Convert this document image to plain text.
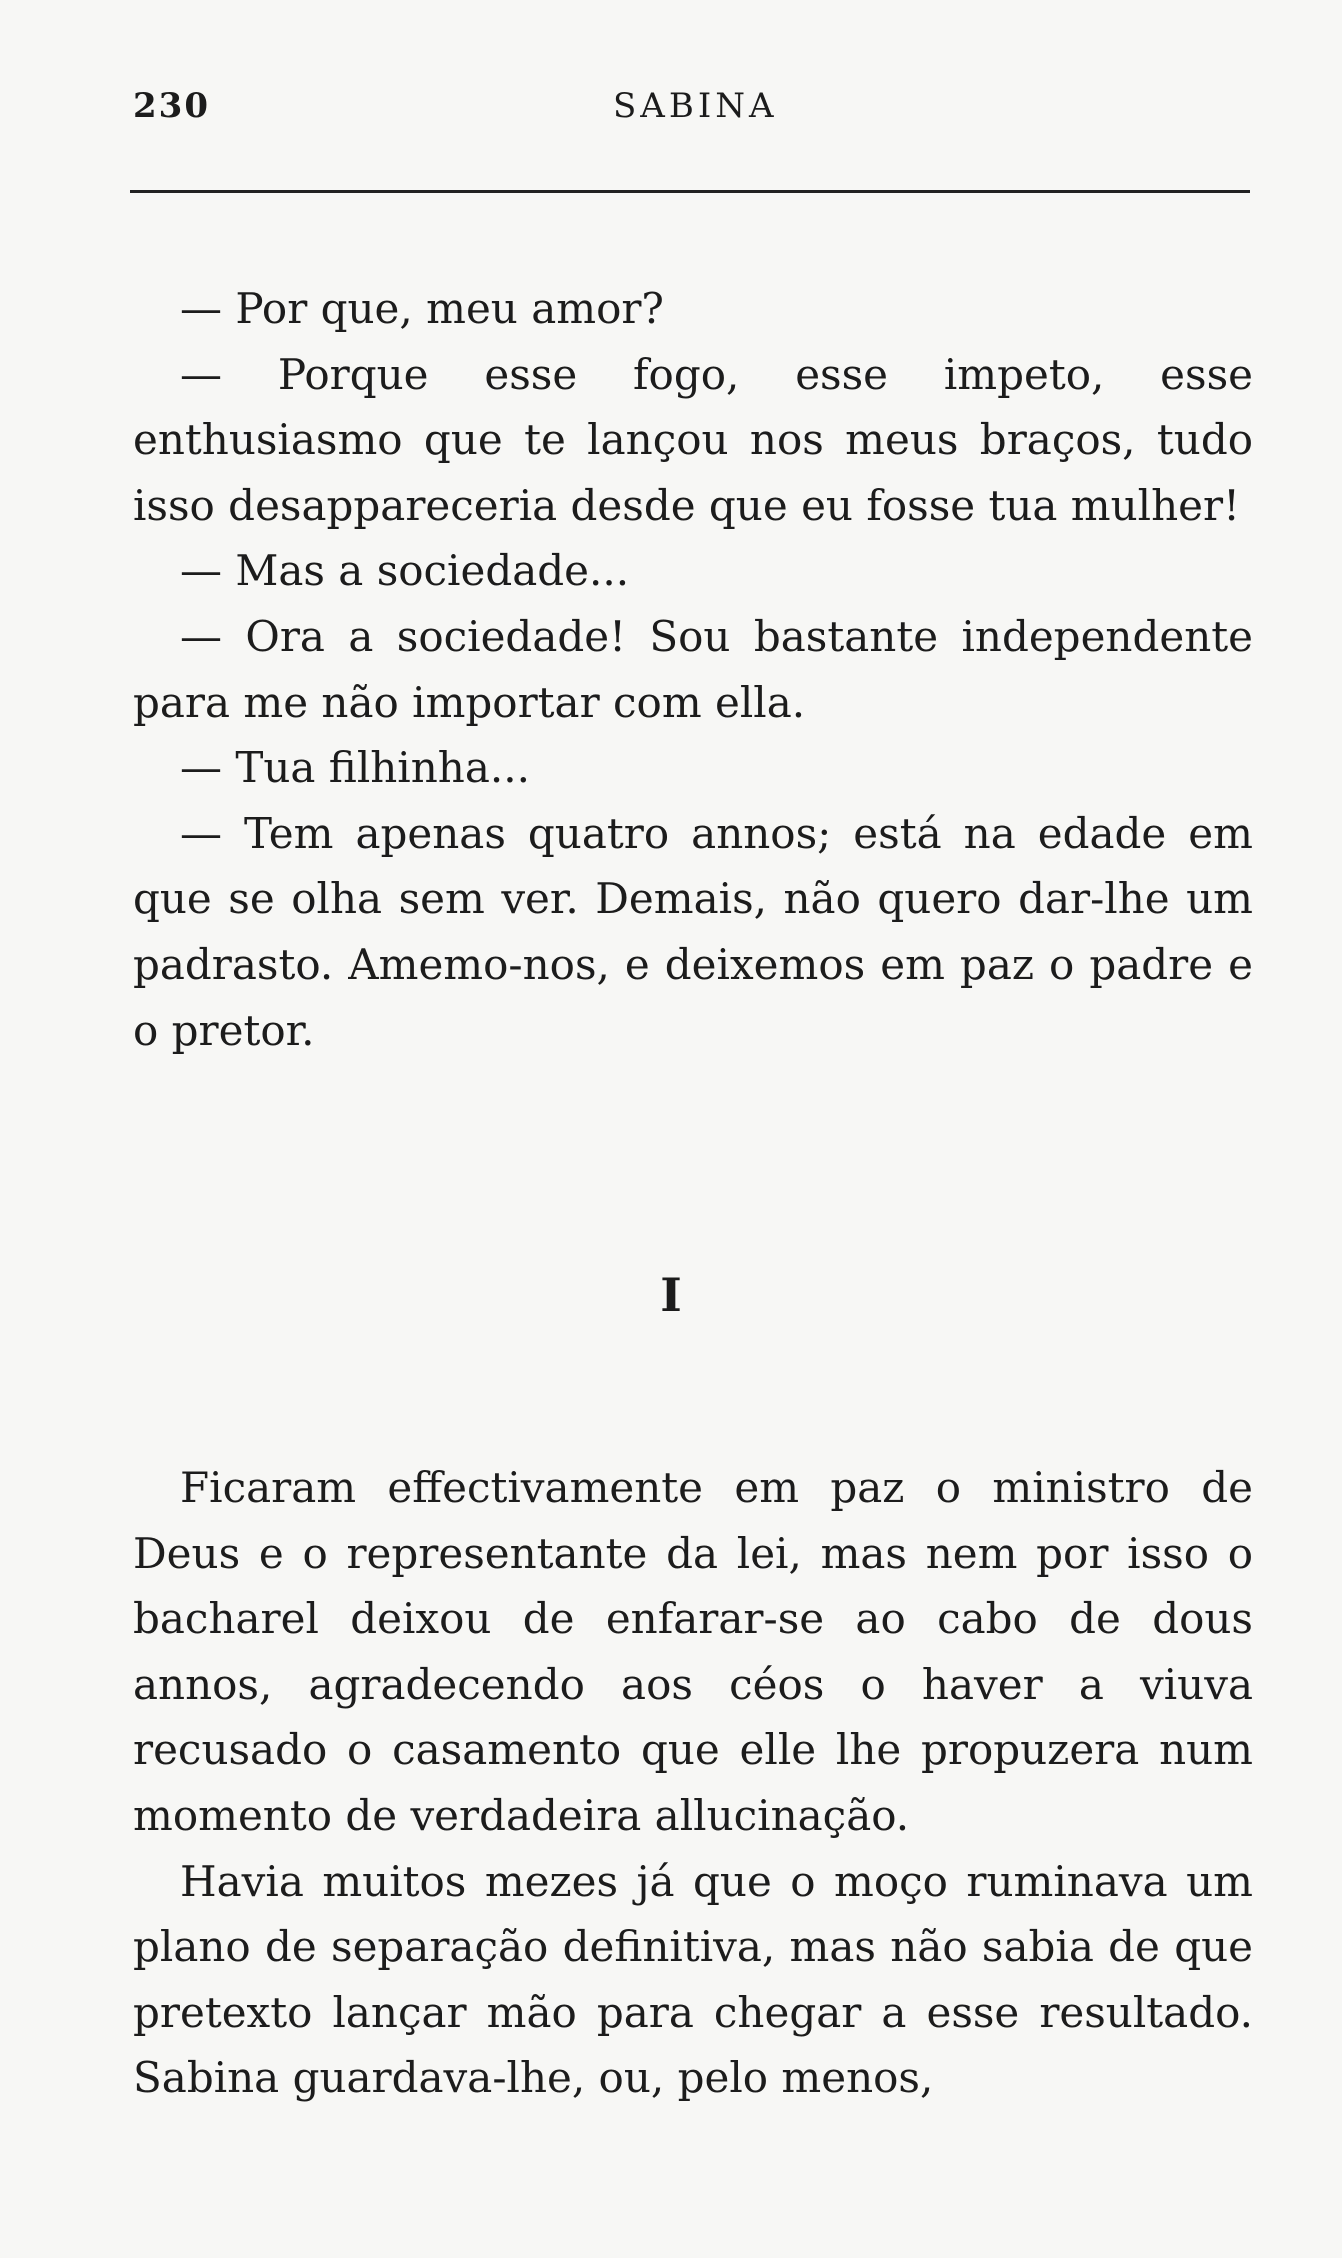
230	SABINA

— Por que, meu amor?

— Porque esse fogo, esse impeto, esse enthusiasmo que te lançou nos meus braços, tudo isso desappareceria desde que eu fosse tua mulher!

— Mas a sociedade...

— Ora a sociedade! Sou bastante independente para me não importar com ella.

— Tua filhinha...

— Tem apenas quatro annos; está na edade em que se olha sem ver. Demais, não quero dar-lhe um padrasto. Amemo-nos, e deixemos em paz o padre e o pretor.

I

Ficaram effectivamente em paz o ministro de Deus e o representante da lei, mas nem por isso o bacharel deixou de enfarar-se ao cabo de dous annos, agradecendo aos céos o haver a viuva recusado o casamento que elle lhe propuzera num momento de verdadeira allucinação.

Havia muitos mezes já que o moço ruminava um plano de separação definitiva, mas não sabia de que pretexto lançar mão para chegar a esse resultado. Sabina guardava-lhe, ou, pelo menos,
